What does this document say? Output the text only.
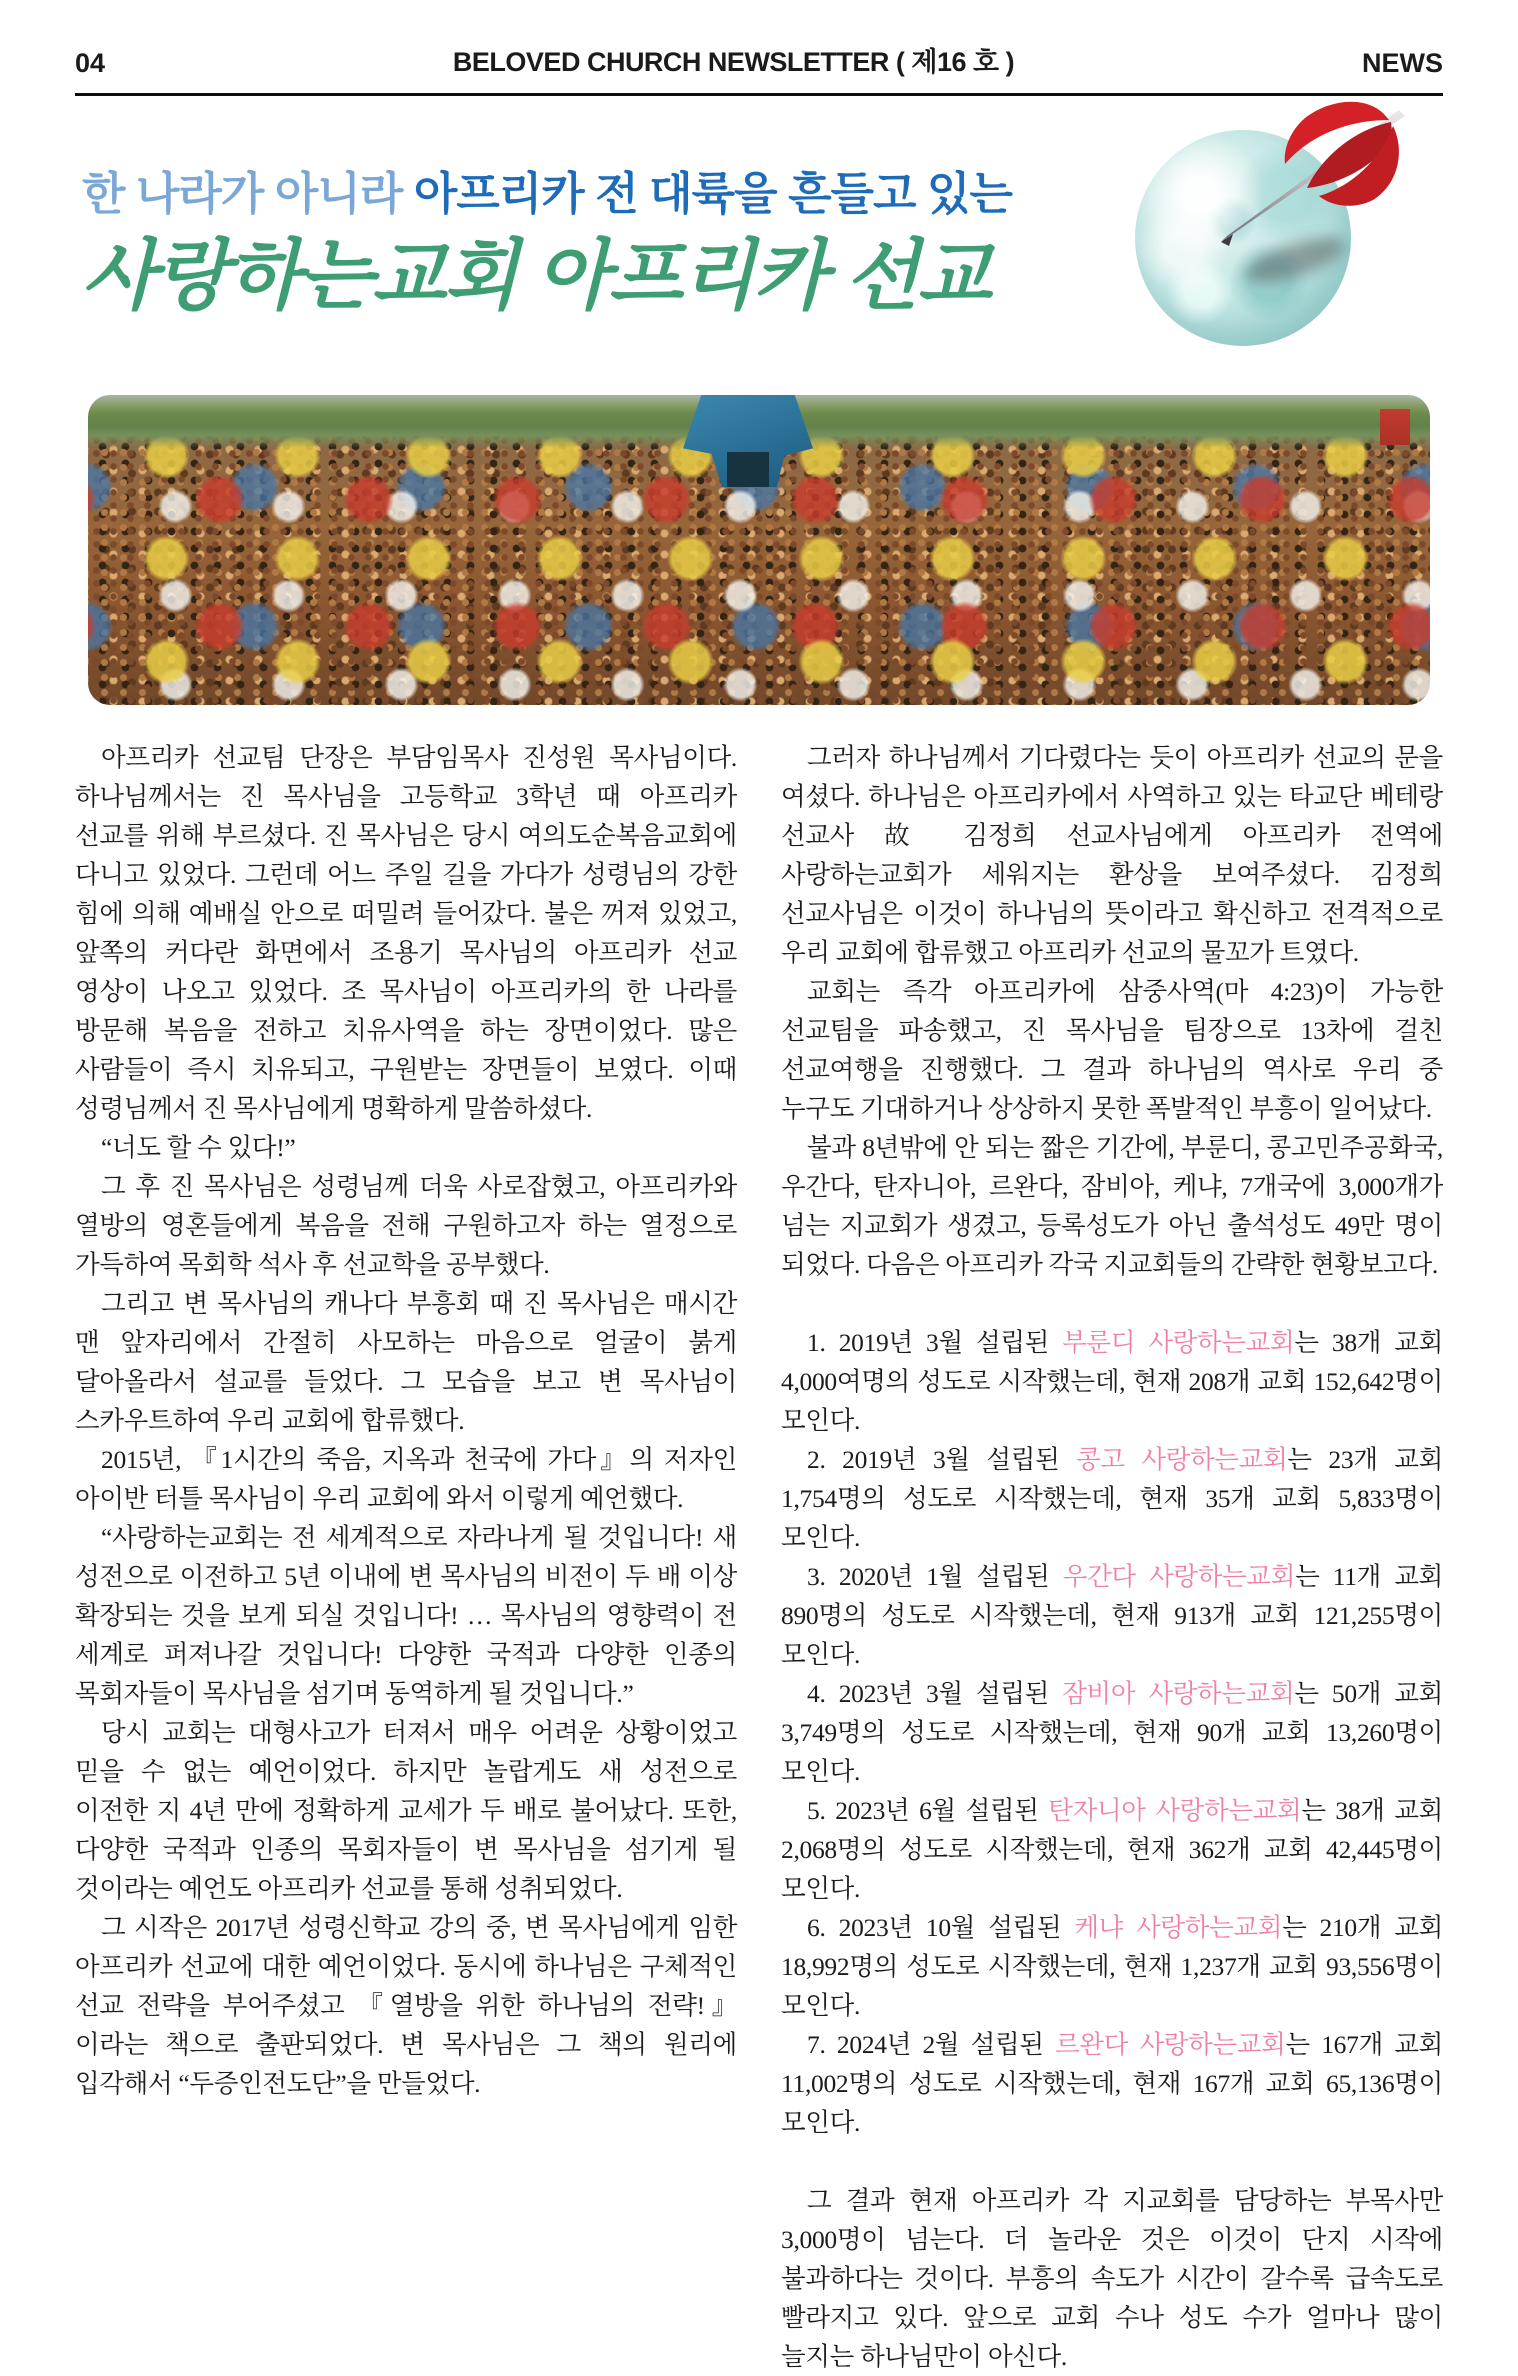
04	BELOVED CHURCH NEWSLETTER ( 제16 호 )	NEWS
한 나라가 아니라 아프리카 전 대륙을 흔들고 있는
사랑하는교회 아프리카 선교

아프리카 선교팀 단장은 부담임목사 진성원 목사님이다. 하나님께서는 진 목사님을 고등학교 3학년 때 아프리카 선교를 위해 부르셨다. 진 목사님은 당시 여의도순복음교회에 다니고 있었다. 그런데 어느 주일 길을 가다가 성령님의 강한 힘에 의해 예배실 안으로 떠밀려 들어갔다. 불은 꺼져 있었고, 앞쪽의 커다란 화면에서 조용기 목사님의 아프리카 선교 영상이 나오고 있었다. 조 목사님이 아프리카의 한 나라를 방문해 복음을 전하고 치유사역을 하는 장면이었다. 많은 사람들이 즉시 치유되고, 구원받는 장면들이 보였다. 이때 성령님께서 진 목사님에게 명확하게 말씀하셨다.

“너도 할 수 있다!”

그 후 진 목사님은 성령님께 더욱 사로잡혔고, 아프리카와 열방의 영혼들에게 복음을 전해 구원하고자 하는 열정으로 가득하여 목회학 석사 후 선교학을 공부했다.

그리고 변 목사님의 캐나다 부흥회 때 진 목사님은 매시간 맨 앞자리에서 간절히 사모하는 마음으로 얼굴이 붉게 달아올라서 설교를 들었다. 그 모습을 보고 변 목사님이 스카우트하여 우리 교회에 합류했다.

2015년, 『1시간의 죽음, 지옥과 천국에 가다』의 저자인 아이반 터틀 목사님이 우리 교회에 와서 이렇게 예언했다.

“사랑하는교회는 전 세계적으로 자라나게 될 것입니다! 새 성전으로 이전하고 5년 이내에 변 목사님의 비전이 두 배 이상 확장되는 것을 보게 되실 것입니다! … 목사님의 영향력이 전 세계로 퍼져나갈 것입니다! 다양한 국적과 다양한 인종의 목회자들이 목사님을 섬기며 동역하게 될 것입니다.”

당시 교회는 대형사고가 터져서 매우 어려운 상황이었고 믿을 수 없는 예언이었다. 하지만 놀랍게도 새 성전으로 이전한 지 4년 만에 정확하게 교세가 두 배로 불어났다. 또한, 다양한 국적과 인종의 목회자들이 변 목사님을 섬기게 될 것이라는 예언도 아프리카 선교를 통해 성취되었다.

그 시작은 2017년 성령신학교 강의 중, 변 목사님에게 임한 아프리카 선교에 대한 예언이었다. 동시에 하나님은 구체적인 선교 전략을 부어주셨고 『열방을 위한 하나님의 전략!』 이라는 책으로 출판되었다. 변 목사님은 그 책의 원리에 입각해서 “두증인전도단”을 만들었다.

그러자 하나님께서 기다렸다는 듯이 아프리카 선교의 문을 여셨다. 하나님은 아프리카에서 사역하고 있는 타교단 베테랑 선교사 故 김정희 선교사님에게 아프리카 전역에 사랑하는교회가 세워지는 환상을 보여주셨다. 김정희 선교사님은 이것이 하나님의 뜻이라고 확신하고 전격적으로 우리 교회에 합류했고 아프리카 선교의 물꼬가 트였다.

교회는 즉각 아프리카에 삼중사역(마 4:23)이 가능한 선교팀을 파송했고, 진 목사님을 팀장으로 13차에 걸친 선교여행을 진행했다. 그 결과 하나님의 역사로 우리 중 누구도 기대하거나 상상하지 못한 폭발적인 부흥이 일어났다.

불과 8년밖에 안 되는 짧은 기간에, 부룬디, 콩고민주공화국, 우간다, 탄자니아, 르완다, 잠비아, 케냐, 7개국에 3,000개가 넘는 지교회가 생겼고, 등록성도가 아닌 출석성도 49만 명이 되었다. 다음은 아프리카 각국 지교회들의 간략한 현황보고다.

1. 2019년 3월 설립된 부룬디 사랑하는교회는 38개 교회 4,000여명의 성도로 시작했는데, 현재 208개 교회 152,642명이 모인다.

2. 2019년 3월 설립된 콩고 사랑하는교회는 23개 교회 1,754명의 성도로 시작했는데, 현재 35개 교회 5,833명이 모인다.

3. 2020년 1월 설립된 우간다 사랑하는교회는 11개 교회 890명의 성도로 시작했는데, 현재 913개 교회 121,255명이 모인다.

4. 2023년 3월 설립된 잠비아 사랑하는교회는 50개 교회 3,749명의 성도로 시작했는데, 현재 90개 교회 13,260명이 모인다.

5. 2023년 6월 설립된 탄자니아 사랑하는교회는 38개 교회 2,068명의 성도로 시작했는데, 현재 362개 교회 42,445명이 모인다.

6. 2023년 10월 설립된 케냐 사랑하는교회는 210개 교회 18,992명의 성도로 시작했는데, 현재 1,237개 교회 93,556명이 모인다.

7. 2024년 2월 설립된 르완다 사랑하는교회는 167개 교회 11,002명의 성도로 시작했는데, 현재 167개 교회 65,136명이 모인다.

그 결과 현재 아프리카 각 지교회를 담당하는 부목사만 3,000명이 넘는다. 더 놀라운 것은 이것이 단지 시작에 불과하다는 것이다. 부흥의 속도가 시간이 갈수록 급속도로 빨라지고 있다. 앞으로 교회 수나 성도 수가 얼마나 많이 늘지는 하나님만이 아신다.
